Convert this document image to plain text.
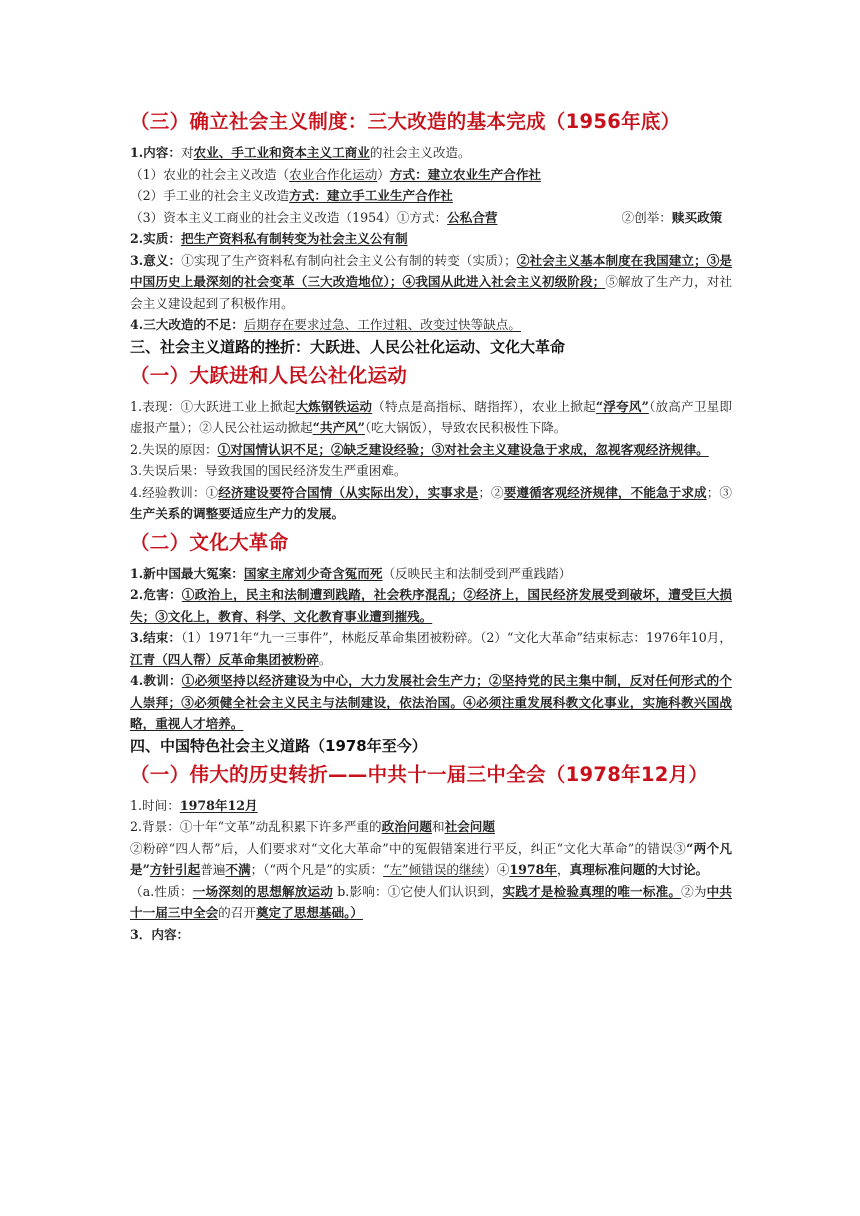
（三）确立社会主义制度：三大改造的基本完成（1956年底）

1.内容：对农业、手工业和资本主义工商业的社会主义改造。

（1）农业的社会主义改造（农业合作化运动）方式：建立农业生产合作社

（2）手工业的社会主义改造方式：建立手工业生产合作社

（3）资本主义工商业的社会主义改造（1954）①方式：公私合营	②创举：赎买政策

2.实质：把生产资料私有制转变为社会主义公有制

3.意义：①实现了生产资料私有制向社会主义公有制的转变（实质）；②社会主义基本制度在我国建立；③是中国历史上最深刻的社会变革（三大改造地位）；④我国从此进入社会主义初级阶段；⑤解放了生产力，对社会主义建设起到了积极作用。

4.三大改造的不足：后期存在要求过急、工作过粗、改变过快等缺点。

三、社会主义道路的挫折：大跃进、人民公社化运动、文化大革命
（一）大跃进和人民公社化运动

1.表现：①大跃进工业上掀起大炼钢铁运动（特点是高指标、瞎指挥），农业上掀起“浮夸风”（放高产卫星即虚报产量）；②人民公社运动掀起“共产风”（吃大锅饭），导致农民积极性下降。

2.失误的原因：①对国情认识不足；②缺乏建设经验；③对社会主义建设急于求成，忽视客观经济规律。

3.失误后果：导致我国的国民经济发生严重困难。

4.经验教训：①经济建设要符合国情（从实际出发），实事求是；②要遵循客观经济规律，不能急于求成；③生产关系的调整要适应生产力的发展。

（二）文化大革命

1.新中国最大冤案：国家主席刘少奇含冤而死（反映民主和法制受到严重践踏）

2.危害：①政治上，民主和法制遭到践踏，社会秩序混乱；②经济上，国民经济发展受到破坏，遭受巨大损失；③文化上，教育、科学、文化教育事业遭到摧残。

3.结束：（1）1971年“九一三事件”，林彪反革命集团被粉碎。（2）“文化大革命”结束标志：1976年10月，江青（四人帮）反革命集团被粉碎。

4.教训：①必须坚持以经济建设为中心，大力发展社会生产力；②坚持党的民主集中制，反对任何形式的个人崇拜；③必须健全社会主义民主与法制建设，依法治国。④必须注重发展科教文化事业，实施科教兴国战略，重视人才培养。

四、中国特色社会主义道路（1978年至今）
（一）伟大的历史转折——中共十一届三中全会（1978年12月）

1.时间：1978年12月

2.背景：①十年“文革”动乱积累下许多严重的政治问题和社会问题

②粉碎“四人帮”后，人们要求对“文化大革命”中的冤假错案进行平反，纠正“文化大革命”的错误③“两个凡是”方针引起普遍不满；（“两个凡是”的实质：“左”倾错误的继续）④1978年，真理标准问题的大讨论。

（a.性质：一场深刻的思想解放运动 b.影响：①它使人们认识到，实践才是检验真理的唯一标准。②为中共十一届三中全会的召开奠定了思想基础。）

3．内容：
